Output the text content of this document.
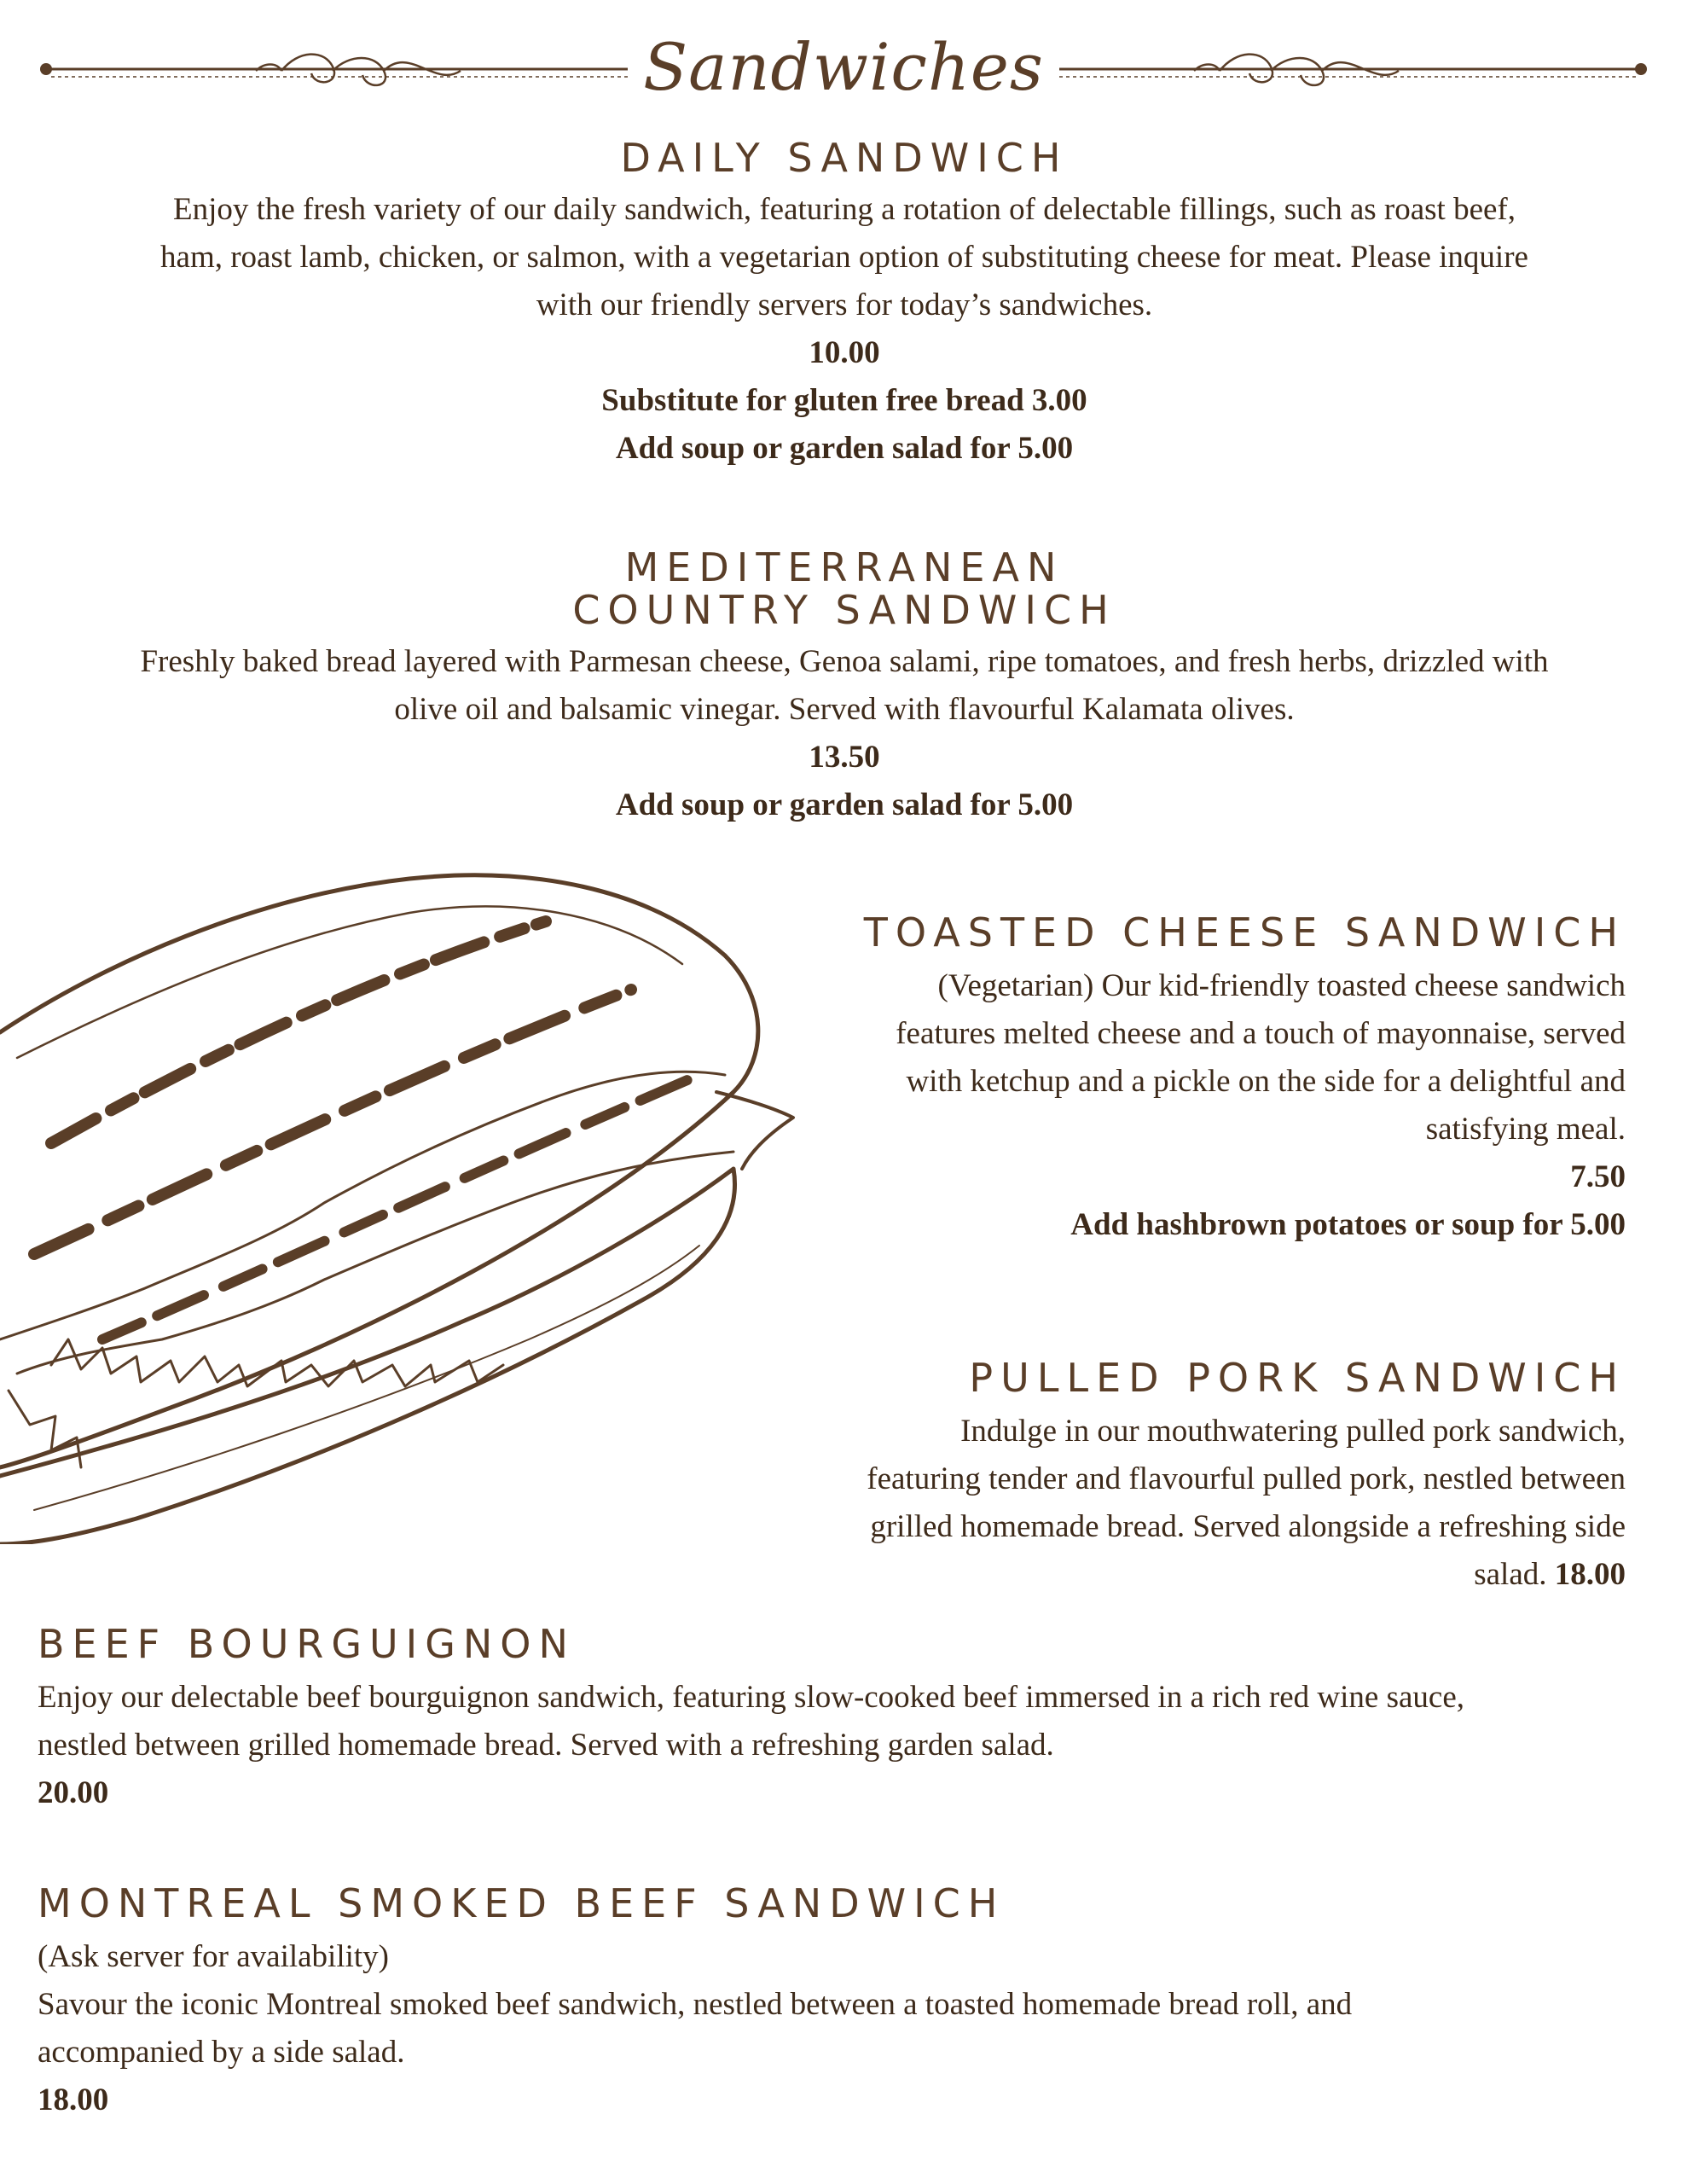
Sandwiches
DAILY SANDWICH
Enjoy the fresh variety of our daily sandwich, featuring a rotation of delectable fillings, such as roast beef, ham, roast lamb, chicken, or salmon, with a vegetarian option of substituting cheese for meat. Please inquire with our friendly servers for today’s sandwiches.
10.00
Substitute for gluten free bread 3.00
Add soup or garden salad for 5.00
MEDITERRANEAN COUNTRY SANDWICH
Freshly baked bread layered with Parmesan cheese, Genoa salami, ripe tomatoes, and fresh herbs, drizzled with olive oil and balsamic vinegar. Served with flavourful Kalamata olives.
13.50
Add soup or garden salad for 5.00
TOASTED CHEESE SANDWICH
(Vegetarian) Our kid-friendly toasted cheese sandwich features melted cheese and a touch of mayonnaise, served with ketchup and a pickle on the side for a delightful and satisfying meal.
7.50
Add hashbrown potatoes or soup for 5.00
PULLED PORK SANDWICH
Indulge in our mouthwatering pulled pork sandwich, featuring tender and flavourful pulled pork, nestled between grilled homemade bread. Served alongside a refreshing side salad. 18.00
BEEF BOURGUIGNON
Enjoy our delectable beef bourguignon sandwich, featuring slow-cooked beef immersed in a rich red wine sauce, nestled between grilled homemade bread. Served with a refreshing garden salad.
20.00
MONTREAL SMOKED BEEF SANDWICH
(Ask server for availability)
Savour the iconic Montreal smoked beef sandwich, nestled between a toasted homemade bread roll, and accompanied by a side salad.
18.00
